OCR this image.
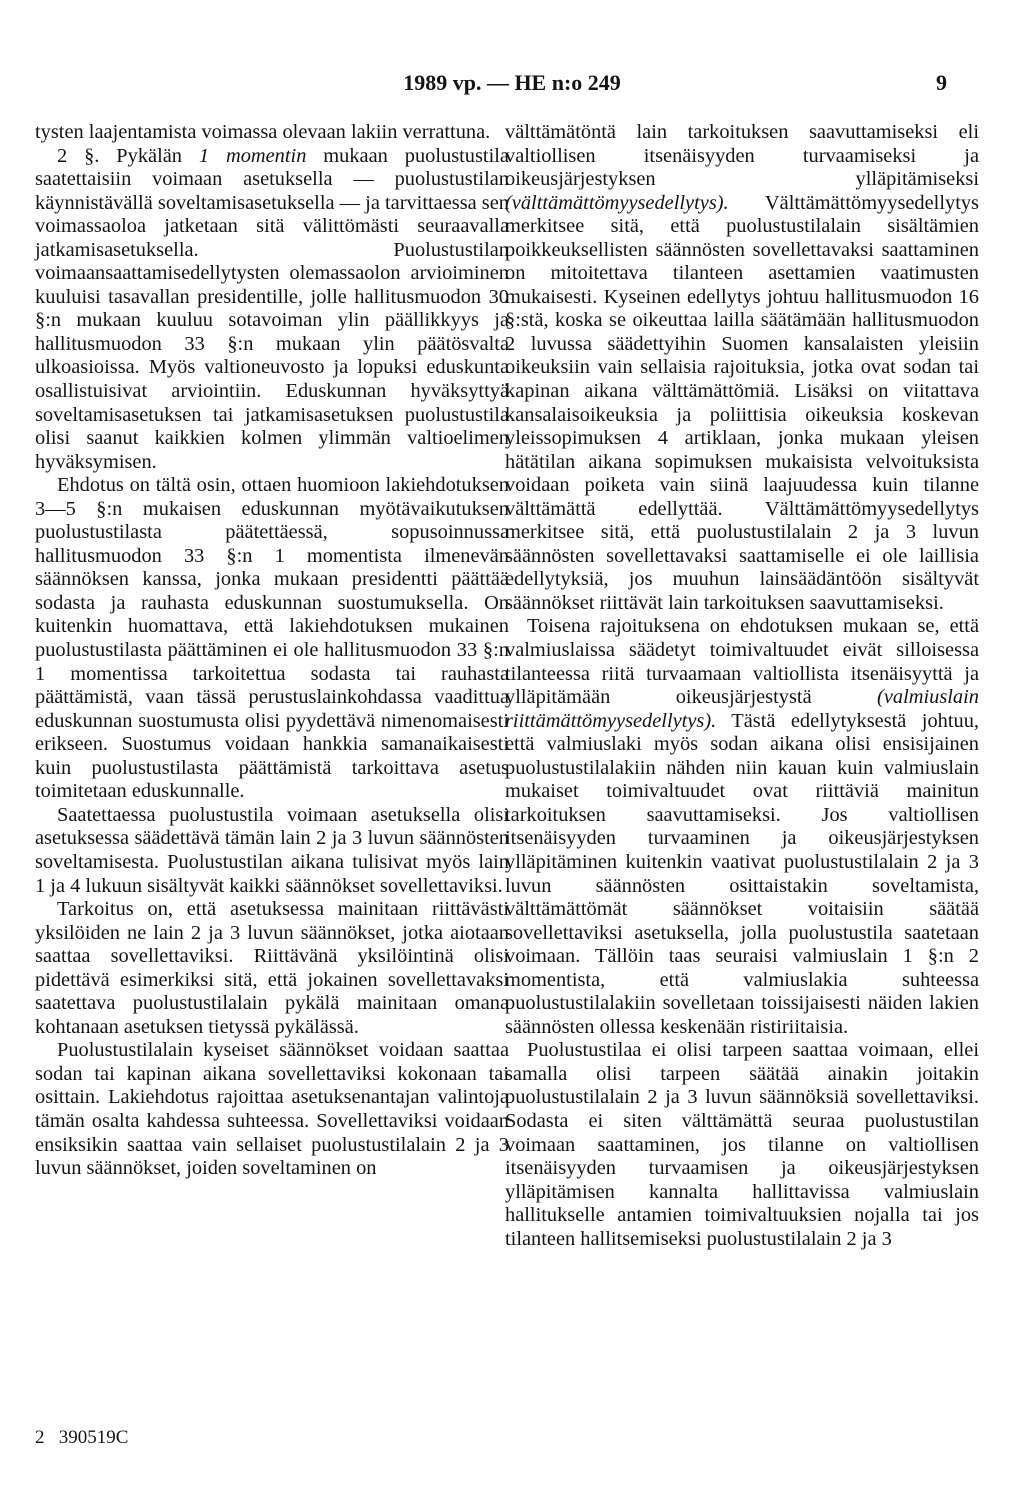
1989 vp. — HE n:o 249	9

tysten laajentamista voimassa olevaan lakiin verrattuna.

2 §. Pykälän 1 momentin mukaan puolustustila saatettaisiin voimaan asetuksella — puolustustilan käynnistävällä soveltamisasetuksella — ja tarvittaessa sen voimassaoloa jatketaan sitä välittömästi seuraavalla jatkamisasetuksella. Puolustustilan voimaansaattamisedellytysten olemassaolon arvioiminen kuuluisi tasavallan presidentille, jolle hallitusmuodon 30 §:n mukaan kuuluu sotavoiman ylin päällikkyys ja hallitusmuodon 33 §:n mukaan ylin päätösvalta ulkoasioissa. Myös valtioneuvosto ja lopuksi eduskunta osallistuisivat arviointiin. Eduskunnan hyväksyttyä soveltamisasetuksen tai jatkamisasetuksen puolustustila olisi saanut kaikkien kolmen ylimmän valtioelimen hyväksymisen.

Ehdotus on tältä osin, ottaen huomioon lakiehdotuksen 3—5 §:n mukaisen eduskunnan myötävaikutuksen puolustustilasta päätettäessä, sopusoinnussa hallitusmuodon 33 §:n 1 momentista ilmenevän säännöksen kanssa, jonka mukaan presidentti päättää sodasta ja rauhasta eduskunnan suostumuksella. On kuitenkin huomattava, että lakiehdotuksen mukainen puolustustilasta päättäminen ei ole hallitusmuodon 33 §:n 1 momentissa tarkoitettua sodasta tai rauhasta päättämistä, vaan tässä perustuslainkohdassa vaadittua eduskunnan suostumusta olisi pyydettävä nimenomaisesti erikseen. Suostumus voidaan hankkia samanaikaisesti kuin puolustustilasta päättämistä tarkoittava asetus toimitetaan eduskunnalle.

Saatettaessa puolustustila voimaan asetuksella olisi asetuksessa säädettävä tämän lain 2 ja 3 luvun säännösten soveltamisesta. Puolustustilan aikana tulisivat myös lain 1 ja 4 lukuun sisältyvät kaikki säännökset sovellettaviksi.

Tarkoitus on, että asetuksessa mainitaan riittävästi yksilöiden ne lain 2 ja 3 luvun säännökset, jotka aiotaan saattaa sovellettaviksi. Riittävänä yksilöintinä olisi pidettävä esimerkiksi sitä, että jokainen sovellettavaksi saatettava puolustustilalain pykälä mainitaan omana kohtanaan asetuksen tietyssä pykälässä.

Puolustustilalain kyseiset säännökset voidaan saattaa sodan tai kapinan aikana sovellettaviksi kokonaan tai osittain. Lakiehdotus rajoittaa asetuksenantajan valintoja tämän osalta kahdessa suhteessa. Sovellettaviksi voidaan ensiksikin saattaa vain sellaiset puolustustilalain 2 ja 3 luvun säännökset, joiden soveltaminen on

välttämätöntä lain tarkoituksen saavuttamiseksi eli valtiollisen itsenäisyyden turvaamiseksi ja oikeusjärjestyksen ylläpitämiseksi (välttämättömyysedellytys). Välttämättömyysedellytys merkitsee sitä, että puolustustilalain sisältämien poikkeuksellisten säännösten sovellettavaksi saattaminen on mitoitettava tilanteen asettamien vaatimusten mukaisesti. Kyseinen edellytys johtuu hallitusmuodon 16 §:stä, koska se oikeuttaa lailla säätämään hallitusmuodon 2 luvussa säädettyihin Suomen kansalaisten yleisiin oikeuksiin vain sellaisia rajoituksia, jotka ovat sodan tai kapinan aikana välttämättömiä. Lisäksi on viitattava kansalaisoikeuksia ja poliittisia oikeuksia koskevan yleissopimuksen 4 artiklaan, jonka mukaan yleisen hätätilan aikana sopimuksen mukaisista velvoituksista voidaan poiketa vain siinä laajuudessa kuin tilanne välttämättä edellyttää. Välttämättömyysedellytys merkitsee sitä, että puolustustilalain 2 ja 3 luvun säännösten sovellettavaksi saattamiselle ei ole laillisia edellytyksiä, jos muuhun lainsäädäntöön sisältyvät säännökset riittävät lain tarkoituksen saavuttamiseksi.

Toisena rajoituksena on ehdotuksen mukaan se, että valmiuslaissa säädetyt toimivaltuudet eivät silloisessa tilanteessa riitä turvaamaan valtiollista itsenäisyyttä ja ylläpitämään oikeusjärjestystä (valmiuslain riittämättömyysedellytys). Tästä edellytyksestä johtuu, että valmiuslaki myös sodan aikana olisi ensisijainen puolustustilalakiin nähden niin kauan kuin valmiuslain mukaiset toimivaltuudet ovat riittäviä mainitun tarkoituksen saavuttamiseksi. Jos valtiollisen itsenäisyyden turvaaminen ja oikeusjärjestyksen ylläpitäminen kuitenkin vaativat puolustustilalain 2 ja 3 luvun säännösten osittaistakin soveltamista, välttämättömät säännökset voitaisiin säätää sovellettaviksi asetuksella, jolla puolustustila saatetaan voimaan. Tällöin taas seuraisi valmiuslain 1 §:n 2 momentista, että valmiuslakia suhteessa puolustustilalakiin sovelletaan toissijaisesti näiden lakien säännösten ollessa keskenään ristiriitaisia.

Puolustustilaa ei olisi tarpeen saattaa voimaan, ellei samalla olisi tarpeen säätää ainakin joitakin puolustustilalain 2 ja 3 luvun säännöksiä sovellettaviksi. Sodasta ei siten välttämättä seuraa puolustustilan voimaan saattaminen, jos tilanne on valtiollisen itsenäisyyden turvaamisen ja oikeusjärjestyksen ylläpitämisen kannalta hallittavissa valmiuslain hallitukselle antamien toimivaltuuksien nojalla tai jos tilanteen hallitsemiseksi puolustustilalain 2 ja 3

2   390519C
